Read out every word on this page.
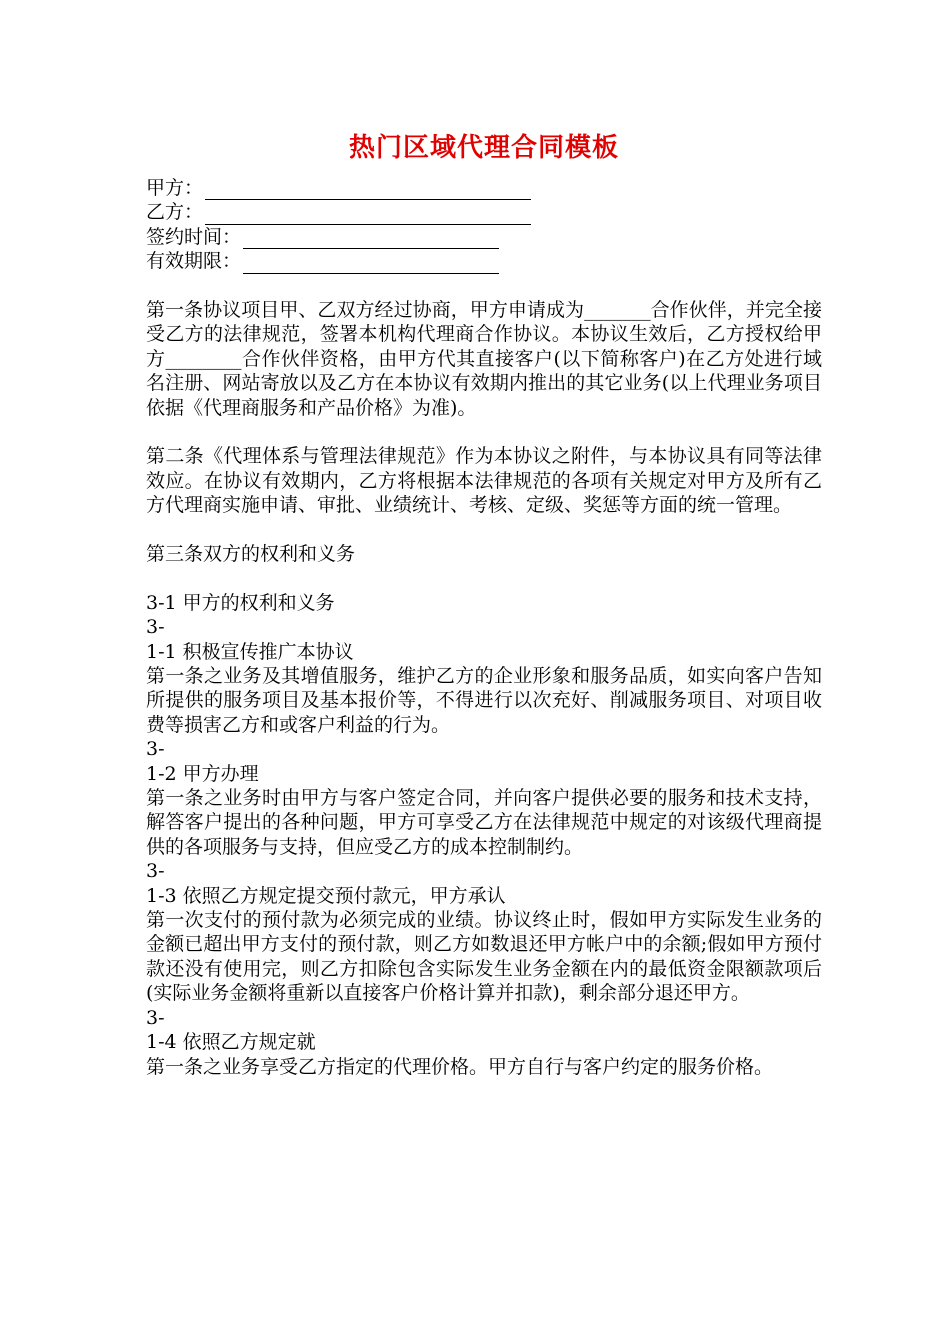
热门区域代理合同模板
甲方：
乙方：
签约时间：
有效期限：

第一条协议项目甲、乙双方经过协商，甲方申请成为_______合作伙伴，并完全接受乙方的法律规范，签署本机构代理商合作协议。本协议生效后，乙方授权给甲方________合作伙伴资格，由甲方代其直接客户(以下简称客户)在乙方处进行域名注册、网站寄放以及乙方在本协议有效期内推出的其它业务(以上代理业务项目依据《代理商服务和产品价格》为准)。

第二条《代理体系与管理法律规范》作为本协议之附件，与本协议具有同等法律效应。在协议有效期内，乙方将根据本法律规范的各项有关规定对甲方及所有乙方代理商实施申请、审批、业绩统计、考核、定级、奖惩等方面的统一管理。

第三条双方的权利和义务

3-1 甲方的权利和义务

3-

1-1 积极宣传推广本协议

第一条之业务及其增值服务，维护乙方的企业形象和服务品质，如实向客户告知所提供的服务项目及基本报价等，不得进行以次充好、削减服务项目、对项目收费等损害乙方和或客户利益的行为。

3-

1-2 甲方办理

第一条之业务时由甲方与客户签定合同，并向客户提供必要的服务和技术支持，解答客户提出的各种问题，甲方可享受乙方在法律规范中规定的对该级代理商提供的各项服务与支持，但应受乙方的成本控制制约。

3-

1-3 依照乙方规定提交预付款元，甲方承认

第一次支付的预付款为必须完成的业绩。协议终止时，假如甲方实际发生业务的金额已超出甲方支付的预付款，则乙方如数退还甲方帐户中的余额;假如甲方预付款还没有使用完，则乙方扣除包含实际发生业务金额在内的最低资金限额款项后(实际业务金额将重新以直接客户价格计算并扣款)，剩余部分退还甲方。

3-

1-4 依照乙方规定就

第一条之业务享受乙方指定的代理价格。甲方自行与客户约定的服务价格。
